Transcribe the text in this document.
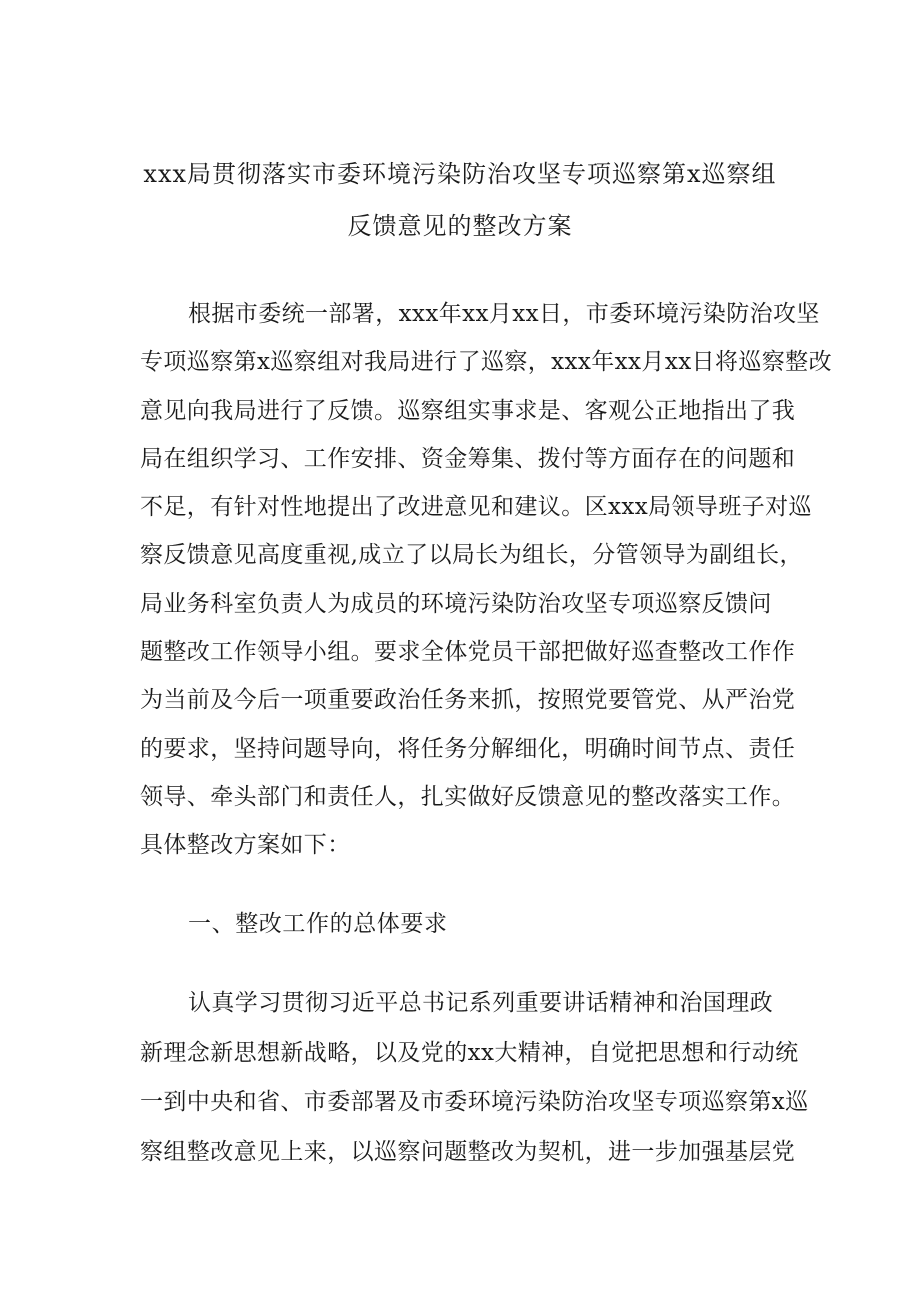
xxx局贯彻落实市委环境污染防治攻坚专项巡察第x巡察组
反馈意见的整改方案
根据市委统一部署，xxx年xx月xx日，市委环境污染防治攻坚
专项巡察第x巡察组对我局进行了巡察，xxx年xx月xx日将巡察整改
意见向我局进行了反馈。巡察组实事求是、客观公正地指出了我
局在组织学习、工作安排、资金筹集、拨付等方面存在的问题和
不足，有针对性地提出了改进意见和建议。区xxx局领导班子对巡
察反馈意见高度重视,成立了以局长为组长，分管领导为副组长，
局业务科室负责人为成员的环境污染防治攻坚专项巡察反馈问
题整改工作领导小组。要求全体党员干部把做好巡查整改工作作
为当前及今后一项重要政治任务来抓，按照党要管党、从严治党
的要求，坚持问题导向，将任务分解细化，明确时间节点、责任
领导、牵头部门和责任人，扎实做好反馈意见的整改落实工作。
具体整改方案如下：
一、整改工作的总体要求
认真学习贯彻习近平总书记系列重要讲话精神和治国理政
新理念新思想新战略，以及党的xx大精神，自觉把思想和行动统
一到中央和省、市委部署及市委环境污染防治攻坚专项巡察第x巡
察组整改意见上来，以巡察问题整改为契机，进一步加强基层党
